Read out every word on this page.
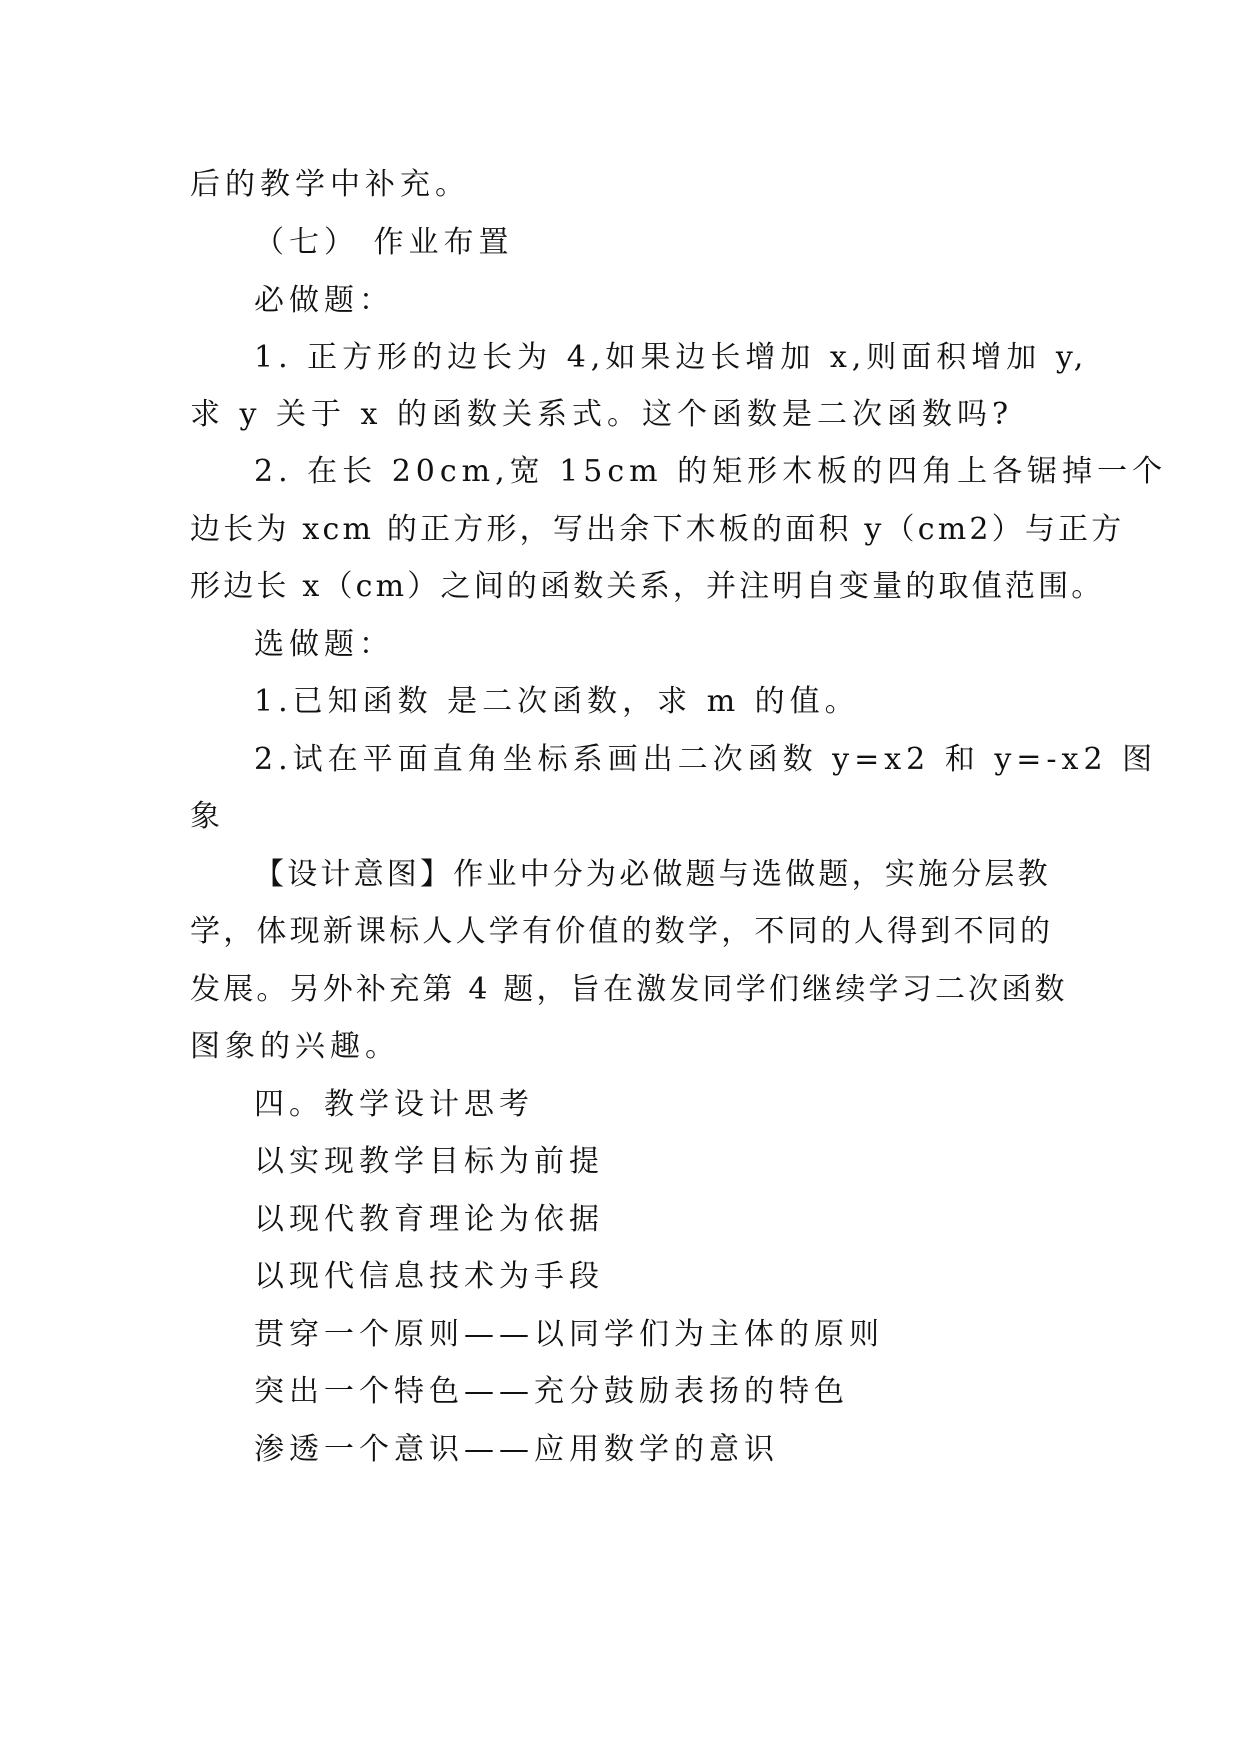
后的教学中补充。
（七） 作业布置
必做题：
1. 正方形的边长为 4,如果边长增加 x,则面积增加 y,
求 y 关于 x 的函数关系式。这个函数是二次函数吗?
2. 在长 20cm,宽 15cm 的矩形木板的四角上各锯掉一个
边长为 xcm 的正方形，写出余下木板的面积 y（cm2）与正方
形边长 x（cm）之间的函数关系，并注明自变量的取值范围。
选做题：
1.已知函数 是二次函数，求 m 的值。
2.试在平面直角坐标系画出二次函数 y=x2 和 y=-x2 图
象
【设计意图】作业中分为必做题与选做题，实施分层教
学，体现新课标人人学有价值的数学，不同的人得到不同的
发展。另外补充第 4 题，旨在激发同学们继续学习二次函数
图象的兴趣。
四。教学设计思考
以实现教学目标为前提
以现代教育理论为依据
以现代信息技术为手段
贯穿一个原则——以同学们为主体的原则
突出一个特色——充分鼓励表扬的特色
渗透一个意识——应用数学的意识
